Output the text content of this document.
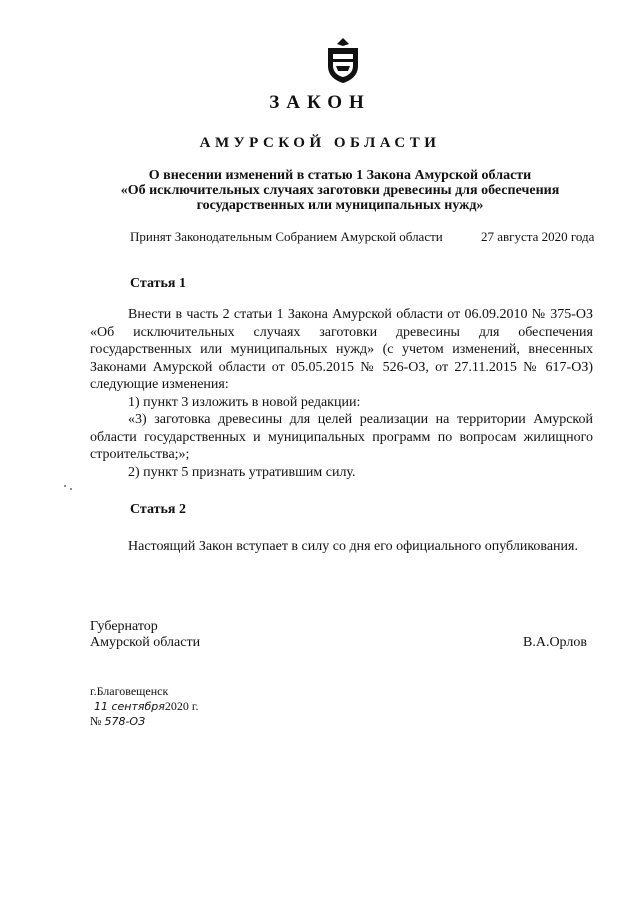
ЗАКОН
АМУРСКОЙ ОБЛАСТИ
О внесении изменений в статью 1 Закона Амурской области
«Об исключительных случаях заготовки древесины для обеспечения
государственных или муниципальных нужд»
Принят Законодательным Собранием Амурской области	27 августа 2020 года
Статья 1

Внести в часть 2 статьи 1 Закона Амурской области от 06.09.2010 № 375-ОЗ «Об исключительных случаях заготовки древесины для обеспечения государственных или муниципальных нужд» (с учетом изменений, внесенных Законами Амурской области от 05.05.2015 № 526-ОЗ, от 27.11.2015 № 617-ОЗ) следующие изменения:

1) пункт 3 изложить в новой редакции:

«3) заготовка древесины для целей реализации на территории Амурской области государственных и муниципальных программ по вопросам жилищного строительства;»;

2) пункт 5 признать утратившим силу.

Статья 2

Настоящий Закон вступает в силу со дня его официального опубликования.

Губернатор
Амурской области	В.А.Орлов
г.Благовещенск
11 сентября2020 г.
№ 578-ОЗ
